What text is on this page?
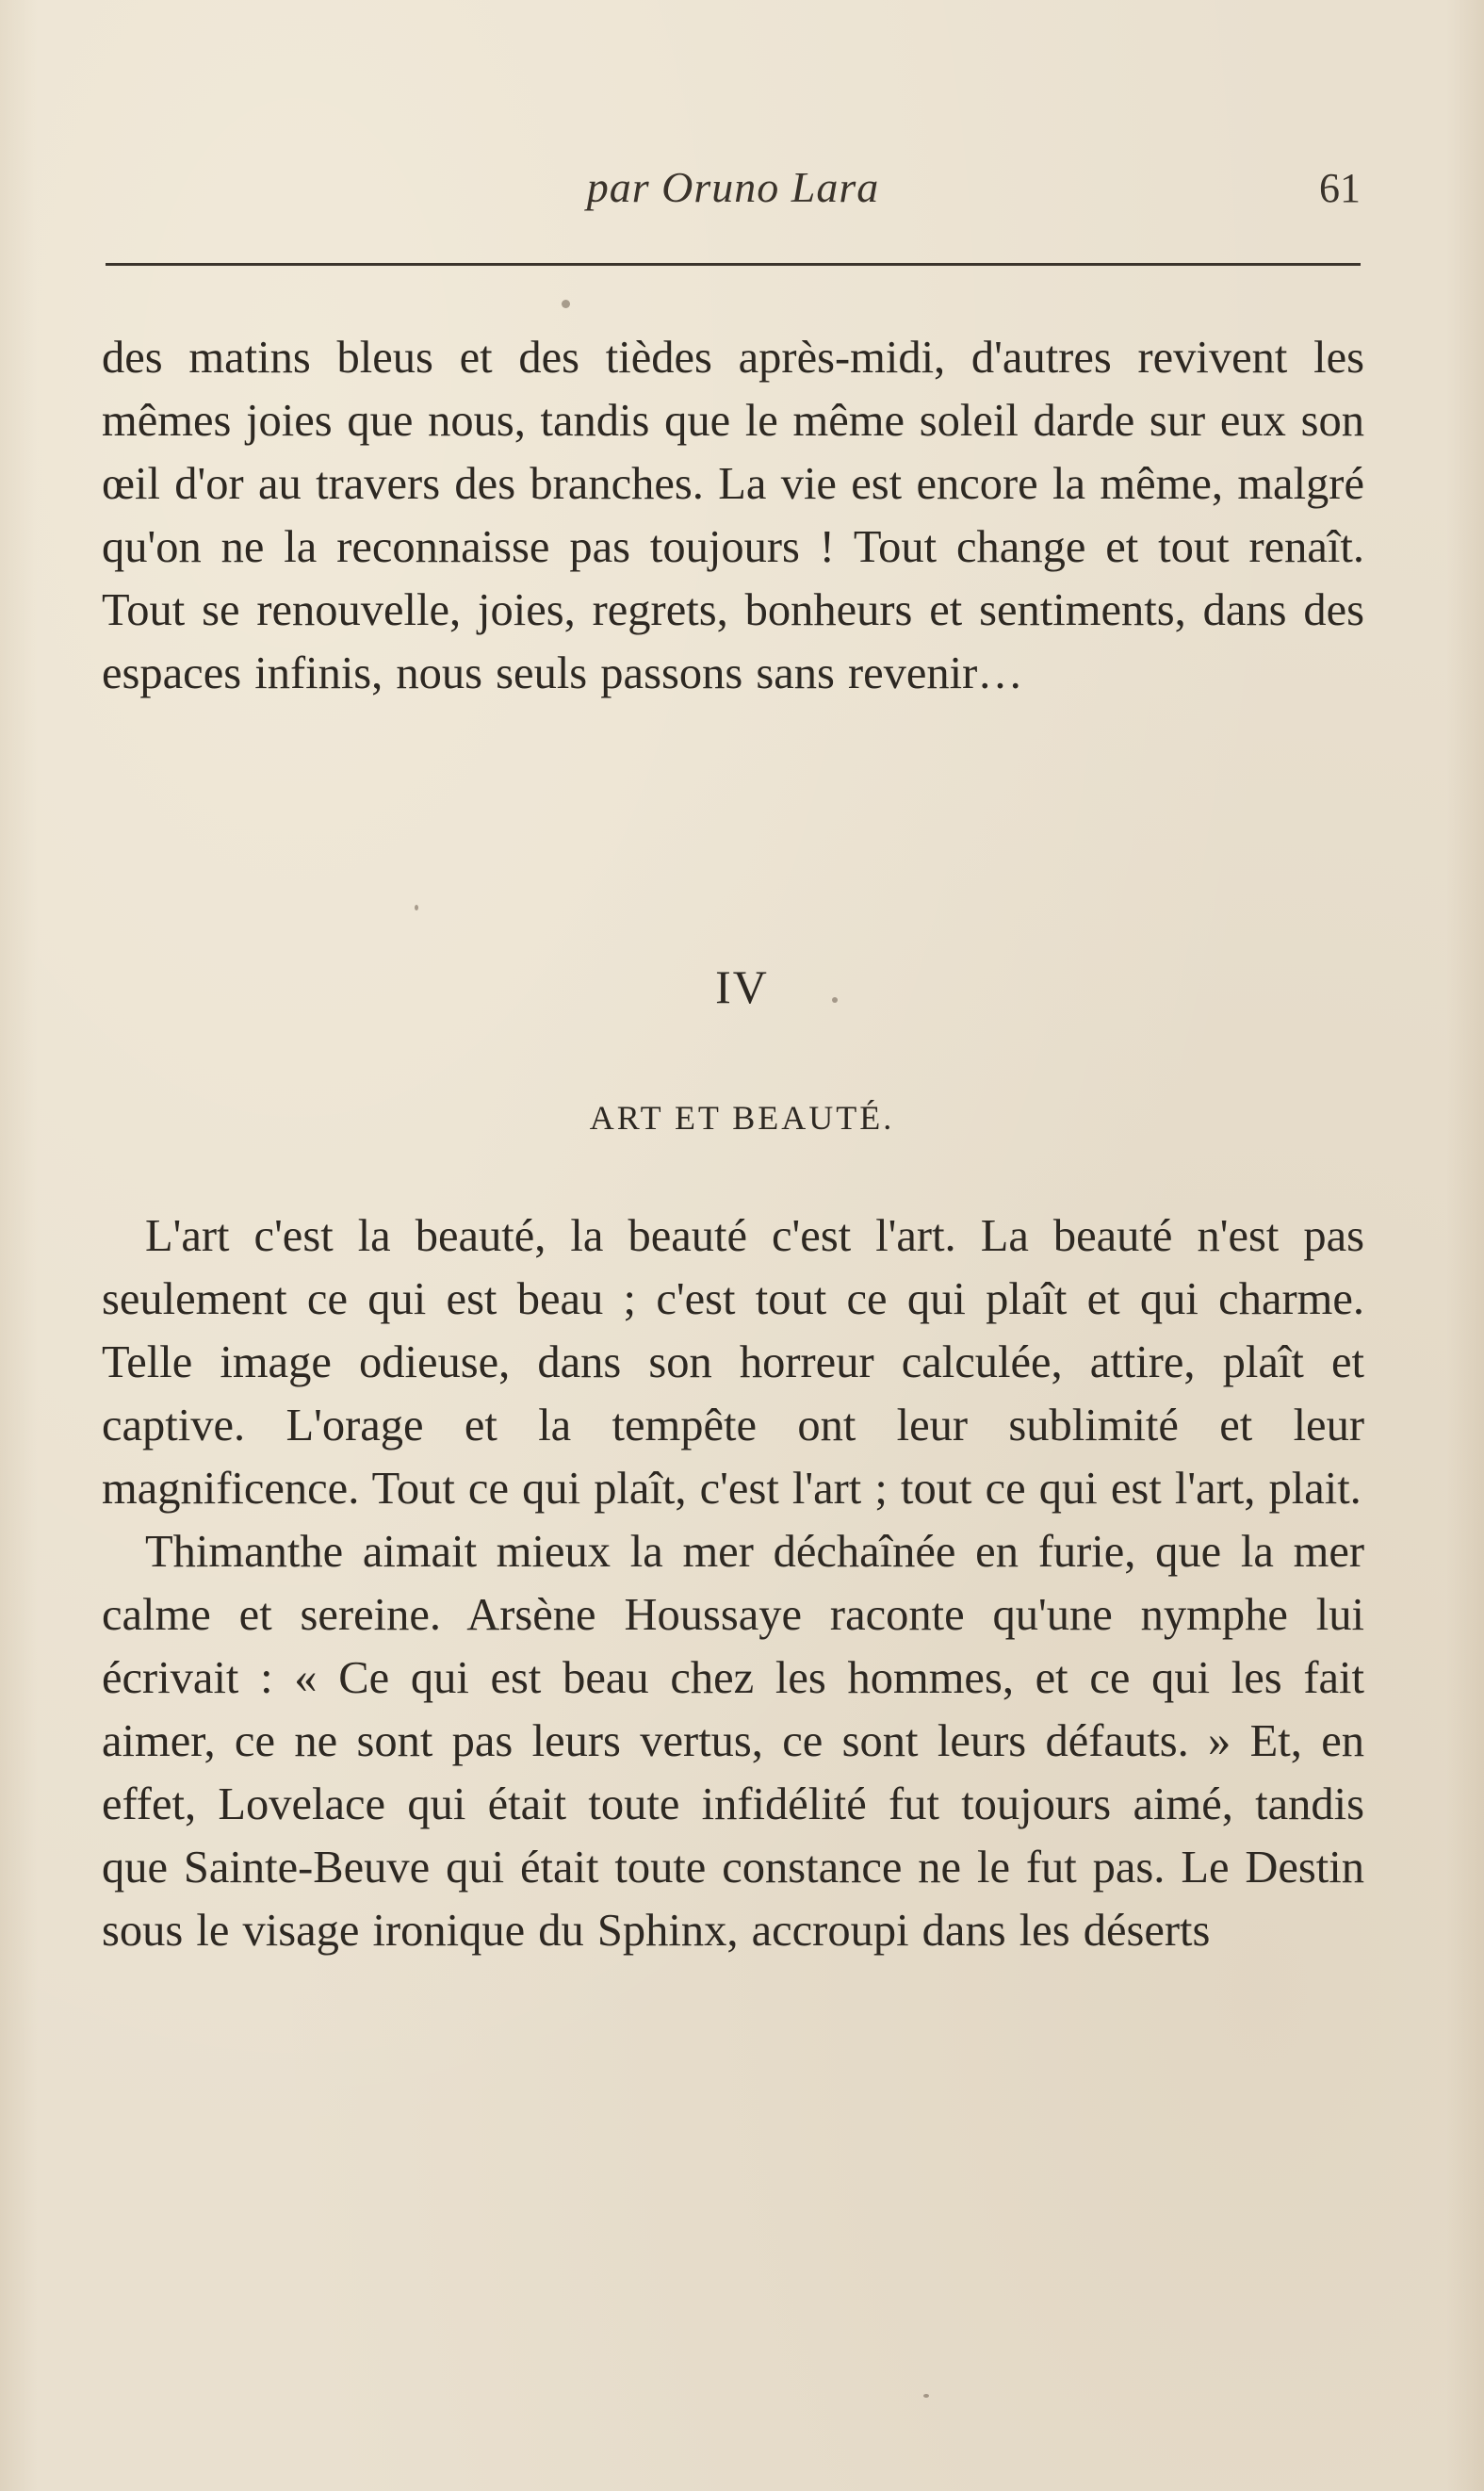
par Oruno Lara	61

des matins bleus et des tièdes après-midi, d'autres revivent les mêmes joies que nous, tandis que le même soleil darde sur eux son œil d'or au travers des branches. La vie est encore la même, malgré qu'on ne la reconnaisse pas toujours ! Tout change et tout renaît. Tout se renouvelle, joies, regrets, bonheurs et sentiments, dans des espaces infinis, nous seuls passons sans revenir…

IV
ART ET BEAUTÉ.

L'art c'est la beauté, la beauté c'est l'art. La beauté n'est pas seulement ce qui est beau ; c'est tout ce qui plaît et qui charme. Telle image odieuse, dans son horreur calculée, attire, plaît et captive. L'orage et la tempête ont leur sublimité et leur magnificence. Tout ce qui plaît, c'est l'art ; tout ce qui est l'art, plait.

Thimanthe aimait mieux la mer déchaînée en furie, que la mer calme et sereine. Arsène Houssaye raconte qu'une nymphe lui écrivait : « Ce qui est beau chez les hommes, et ce qui les fait aimer, ce ne sont pas leurs vertus, ce sont leurs défauts. » Et, en effet, Lovelace qui était toute infidélité fut toujours aimé, tandis que Sainte-Beuve qui était toute constance ne le fut pas. Le Destin sous le visage ironique du Sphinx, accroupi dans les déserts
